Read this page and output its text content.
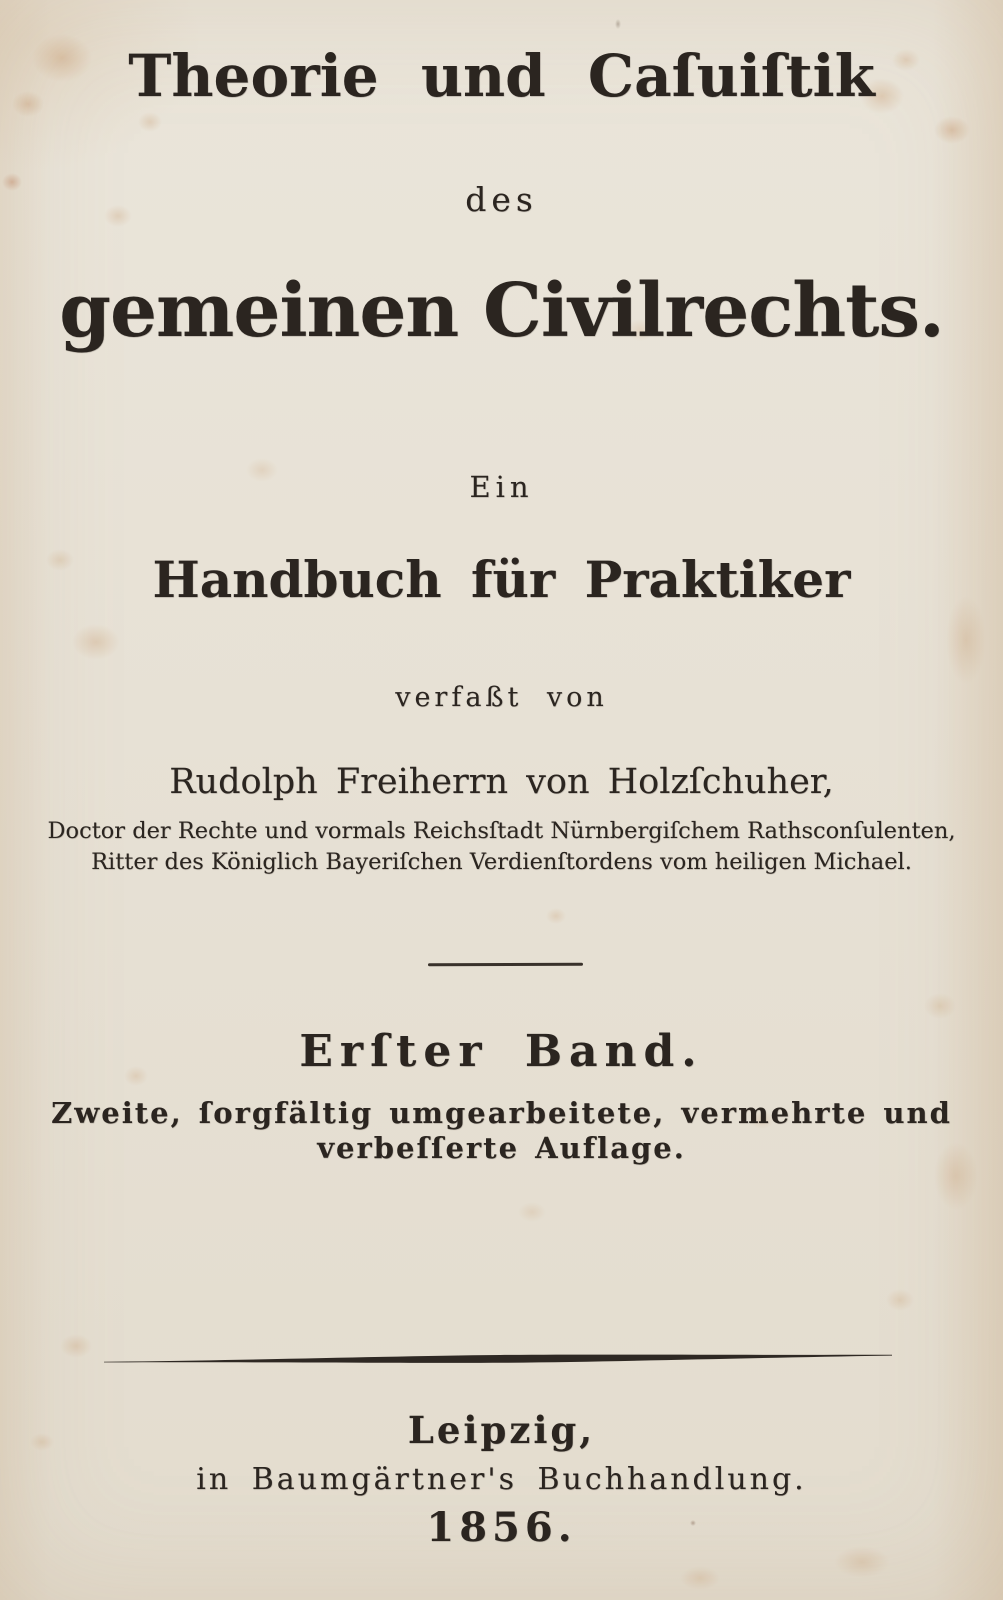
Theorie und Caſuiſtik
des
gemeinen Civilrechts.
Ein
Handbuch für Praktiker
verfaßt von
Rudolph Freiherrn von Holzſchuher,
Doctor der Rechte und vormals Reichsſtadt Nürnbergiſchem Rathsconſulenten,
Ritter des Königlich Bayeriſchen Verdienſtordens vom heiligen Michael.
Erſter Band.
Zweite, ſorgfältig umgearbeitete, vermehrte und
verbeſſerte Auflage.
Leipzig,
in Baumgärtner's Buchhandlung.
1856.
